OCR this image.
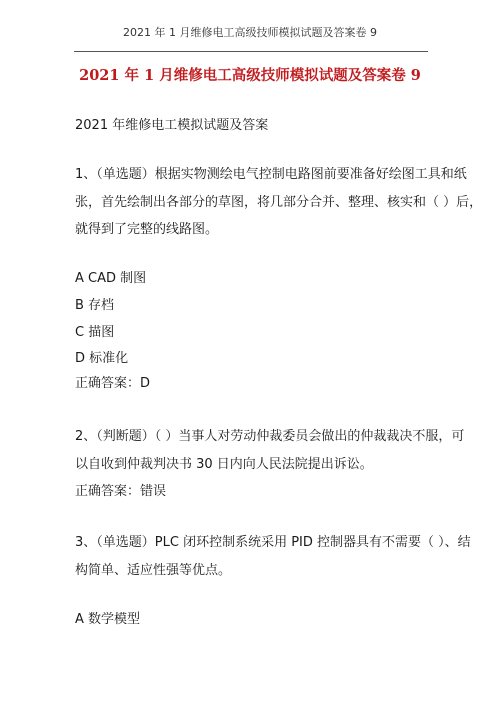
2021 年 1 月维修电工高级技师模拟试题及答案卷 9
2021 年 1 月维修电工高级技师模拟试题及答案卷 9
2021 年维修电工模拟试题及答案
1、（单选题）根据实物测绘电气控制电路图前要准备好绘图工具和纸
张，首先绘制出各部分的草图，将几部分合并、整理、核实和（ ）后，
就得到了完整的线路图。
A CAD 制图
B 存档
C 描图
D 标准化
正确答案：D
2、（判断题）（ ）当事人对劳动仲裁委员会做出的仲裁裁决不服，可
以自收到仲裁判决书 30 日内向人民法院提出诉讼。
正确答案：错误
3、（单选题）PLC 闭环控制系统采用 PID 控制器具有不需要（ ）、结
构简单、适应性强等优点。
A 数学模型
